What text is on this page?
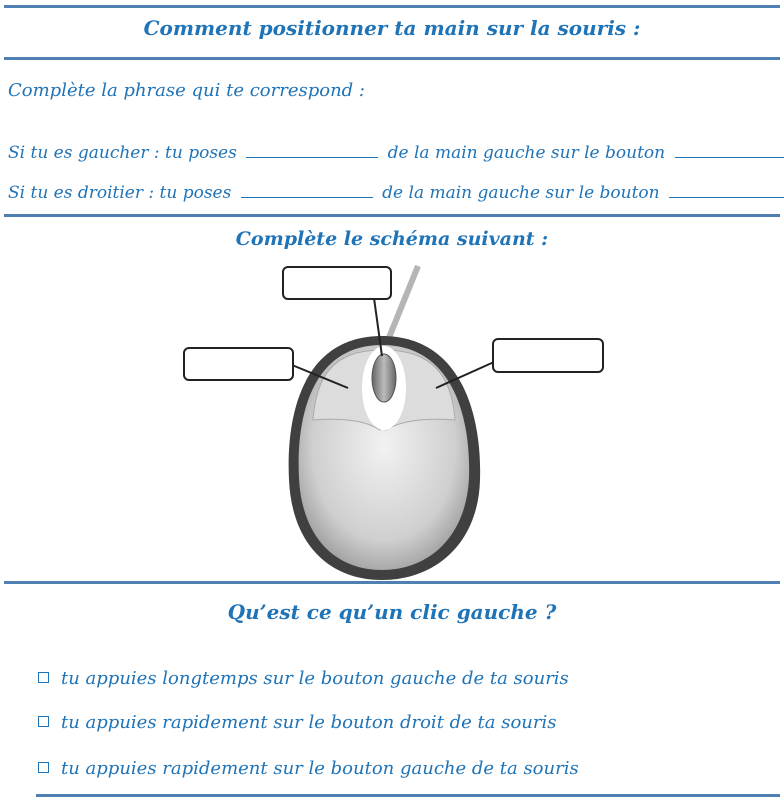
Comment positionner ta main sur la souris :
Complète la phrase qui te correspond :
Si tu es gaucher : tu poses	de la main gauche sur le bouton
Si tu es droitier : tu poses	de la main gauche sur le bouton
Complète le schéma suivant :
Qu’est ce qu’un clic gauche ?
tu appuies longtemps sur le bouton gauche de ta souris
tu appuies rapidement sur le bouton droit de ta souris
tu appuies rapidement sur le bouton gauche de ta souris
